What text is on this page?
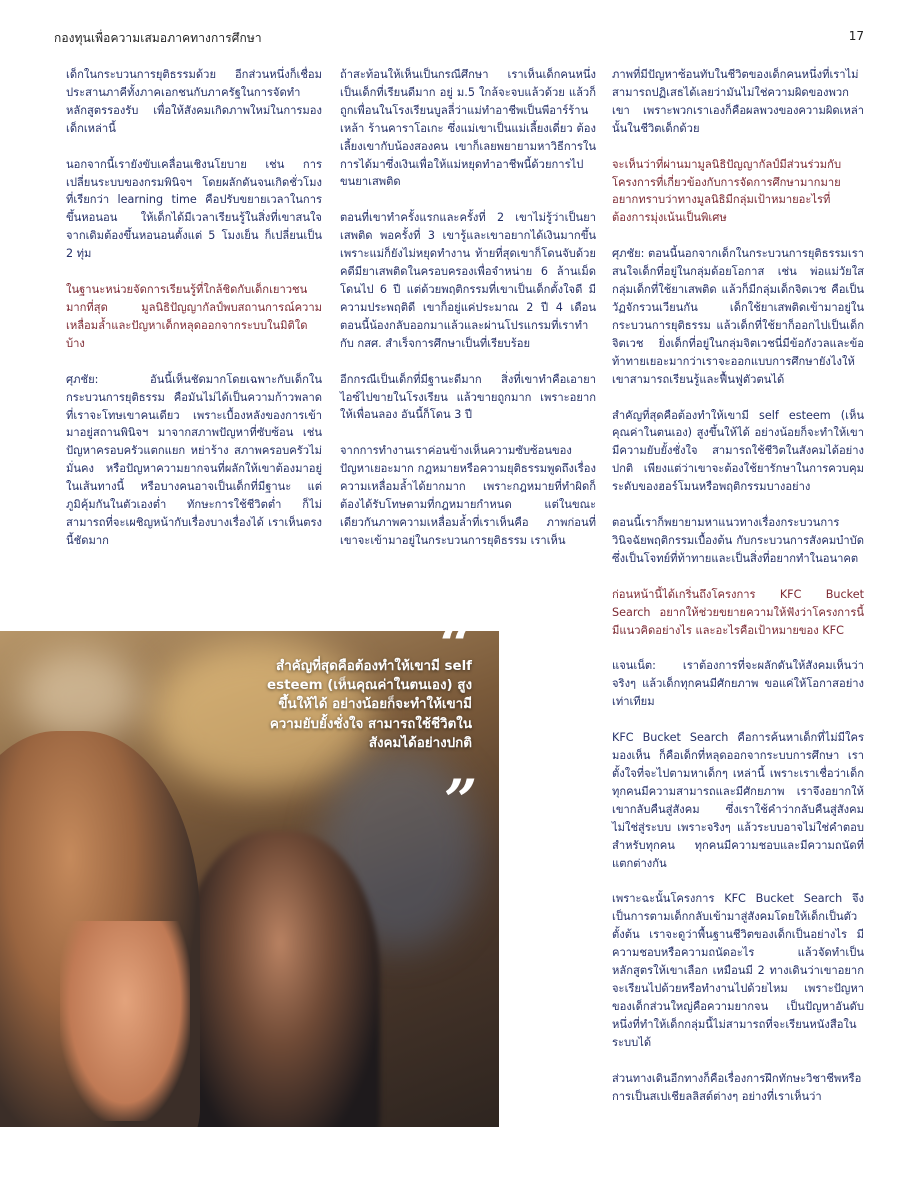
กองทุนเพื่อความเสมอภาคทางการศึกษา	17

เด็กในกระบวนการยุติธรรมด้วย อีกส่วนหนึ่งก็เชื่อมประสานภาคีทั้งภาคเอกชนกับภาครัฐในการจัดทำหลักสูตรรองรับ เพื่อให้สังคมเกิดภาพใหม่ในการมองเด็กเหล่านี้

นอกจากนี้เรายังขับเคลื่อนเชิงนโยบาย เช่น การเปลี่ยนระบบของกรมพินิจฯ โดยผลักดันจนเกิดชั่วโมงที่เรียกว่า learning time คือปรับขยายเวลาในการขึ้นหอนอน ให้เด็กได้มีเวลาเรียนรู้ในสิ่งที่เขาสนใจ จากเดิมต้องขึ้นหอนอนตั้งแต่ 5 โมงเย็น ก็เปลี่ยนเป็น 2 ทุ่ม

ในฐานะหน่วยจัดการเรียนรู้ที่ใกล้ชิดกับเด็กเยาวชนมากที่สุด มูลนิธิปัญญากัลป์พบสถานการณ์ความเหลื่อมล้ำและปัญหาเด็กหลุดออกจากระบบในมิติใดบ้าง

ศุภชัย: อันนี้เห็นชัดมากโดยเฉพาะกับเด็กในกระบวนการยุติธรรม คือมันไม่ได้เป็นความก้าวพลาดที่เราจะโทษเขาคนเดียว เพราะเบื้องหลังของการเข้ามาอยู่สถานพินิจฯ มาจากสภาพปัญหาที่ซับซ้อน เช่น ปัญหาครอบครัวแตกแยก หย่าร้าง สภาพครอบครัวไม่มั่นคง หรือปัญหาความยากจนที่ผลักให้เขาต้องมาอยู่ในเส้นทางนี้ หรือบางคนอาจเป็นเด็กที่มีฐานะ แต่ภูมิคุ้มกันในตัวเองต่ำ ทักษะการใช้ชีวิตต่ำ ก็ไม่สามารถที่จะเผชิญหน้ากับเรื่องบางเรื่องได้ เราเห็นตรงนี้ชัดมาก

ถ้าสะท้อนให้เห็นเป็นกรณีศึกษา เราเห็นเด็กคนหนึ่งเป็นเด็กที่เรียนดีมาก อยู่ ม.5 ใกล้จะจบแล้วด้วย แล้วก็ถูกเพื่อนในโรงเรียนบูลลี่ว่าแม่ทำอาชีพเป็นพีอาร์ร้านเหล้า ร้านคาราโอเกะ ซึ่งแม่เขาเป็นแม่เลี้ยงเดี่ยว ต้องเลี้ยงเขากับน้องสองคน เขาก็เลยพยายามหาวิธีการในการได้มาซึ่งเงินเพื่อให้แม่หยุดทำอาชีพนี้ด้วยการไปขนยาเสพติด

ตอนที่เขาทำครั้งแรกและครั้งที่ 2 เขาไม่รู้ว่าเป็นยาเสพติด พอครั้งที่ 3 เขารู้และเขาอยากได้เงินมากขึ้นเพราะแม่ก็ยังไม่หยุดทำงาน ท้ายที่สุดเขาก็โดนจับด้วยคดีมียาเสพติดในครอบครองเพื่อจำหน่าย 6 ล้านเม็ด โดนไป 6 ปี แต่ด้วยพฤติกรรมที่เขาเป็นเด็กตั้งใจดี มีความประพฤติดี เขาก็อยู่แค่ประมาณ 2 ปี 4 เดือน ตอนนี้น้องกลับออกมาแล้วและผ่านโปรแกรมที่เราทำกับ กสศ. สำเร็จการศึกษาเป็นที่เรียบร้อย

อีกกรณีเป็นเด็กที่มีฐานะดีมาก สิ่งที่เขาทำคือเอายาไอซ์ไปขายในโรงเรียน แล้วขายถูกมาก เพราะอยากให้เพื่อนลอง อันนี้ก็โดน 3 ปี

จากการทำงานเราค่อนข้างเห็นความซับซ้อนของปัญหาเยอะมาก กฎหมายหรือความยุติธรรมพูดถึงเรื่องความเหลื่อมล้ำได้ยากมาก เพราะกฎหมายที่ทำผิดก็ต้องได้รับโทษตามที่กฎหมายกำหนด แต่ในขณะเดียวกันภาพความเหลื่อมล้ำที่เราเห็นคือ ภาพก่อนที่เขาจะเข้ามาอยู่ในกระบวนการยุติธรรม เราเห็น

ภาพที่มีปัญหาซ้อนทับในชีวิตของเด็กคนหนึ่งที่เราไม่สามารถปฏิเสธได้เลยว่ามันไม่ใช่ความผิดของพวกเขา เพราะพวกเราเองก็คือผลพวงของความผิดเหล่านั้นในชีวิตเด็กด้วย

จะเห็นว่าที่ผ่านมามูลนิธิปัญญากัลป์มีส่วนร่วมกับโครงการที่เกี่ยวข้องกับการจัดการศึกษามากมาย อยากทราบว่าทางมูลนิธิมีกลุ่มเป้าหมายอะไรที่ต้องการมุ่งเน้นเป็นพิเศษ

ศุภชัย: ตอนนี้นอกจากเด็กในกระบวนการยุติธรรมเราสนใจเด็กที่อยู่ในกลุ่มด้อยโอกาส เช่น พ่อแม่วัยใส กลุ่มเด็กที่ใช้ยาเสพติด แล้วก็มีกลุ่มเด็กจิตเวช คือเป็นวัฏจักรวนเวียนกัน เด็กใช้ยาเสพติดเข้ามาอยู่ในกระบวนการยุติธรรม แล้วเด็กที่ใช้ยาก็ออกไปเป็นเด็กจิตเวช ยิ่งเด็กที่อยู่ในกลุ่มจิตเวชนี่มีข้อกังวลและข้อท้าทายเยอะมากว่าเราจะออกแบบการศึกษายังไงให้เขาสามารถเรียนรู้และฟื้นฟูตัวตนได้

สำคัญที่สุดคือต้องทำให้เขามี self esteem (เห็นคุณค่าในตนเอง) สูงขึ้นให้ได้ อย่างน้อยก็จะทำให้เขามีความยับยั้งชั่งใจ สามารถใช้ชีวิตในสังคมได้อย่างปกติ เพียงแต่ว่าเขาจะต้องใช้ยารักษาในการควบคุมระดับของฮอร์โมนหรือพฤติกรรมบางอย่าง

ตอนนี้เราก็พยายามหาแนวทางเรื่องกระบวนการวินิจฉัยพฤติกรรมเบื้องต้น กับกระบวนการสังคมบำบัด ซึ่งเป็นโจทย์ที่ท้าทายและเป็นสิ่งที่อยากทำในอนาคต

ก่อนหน้านี้ได้เกริ่นถึงโครงการ KFC Bucket Search อยากให้ช่วยขยายความให้ฟังว่าโครงการนี้มีแนวคิดอย่างไร และอะไรคือเป้าหมายของ KFC

แจนเน็ต: เราต้องการที่จะผลักดันให้สังคมเห็นว่าจริงๆ แล้วเด็กทุกคนมีศักยภาพ ขอแค่ให้โอกาสอย่างเท่าเทียม

KFC Bucket Search คือการค้นหาเด็กที่ไม่มีใครมองเห็น ก็คือเด็กที่หลุดออกจากระบบการศึกษา เราตั้งใจที่จะไปตามหาเด็กๆ เหล่านี้ เพราะเราเชื่อว่าเด็กทุกคนมีความสามารถและมีศักยภาพ เราจึงอยากให้เขากลับคืนสู่สังคม ซึ่งเราใช้คำว่ากลับคืนสู่สังคมไม่ใช่สู่ระบบ เพราะจริงๆ แล้วระบบอาจไม่ใช่คำตอบสำหรับทุกคน ทุกคนมีความชอบและมีความถนัดที่แตกต่างกัน

เพราะฉะนั้นโครงการ KFC Bucket Search จึงเป็นการตามเด็กกลับเข้ามาสู่สังคมโดยให้เด็กเป็นตัวตั้งต้น เราจะดูว่าพื้นฐานชีวิตของเด็กเป็นอย่างไร มีความชอบหรือความถนัดอะไร แล้วจัดทำเป็นหลักสูตรให้เขาเลือก เหมือนมี 2 ทางเดินว่าเขาอยากจะเรียนไปด้วยหรือทำงานไปด้วยไหม เพราะปัญหาของเด็กส่วนใหญ่คือความยากจน เป็นปัญหาอันดับหนึ่งที่ทำให้เด็กกลุ่มนี้ไม่สามารถที่จะเรียนหนังสือในระบบได้

ส่วนทางเดินอีกทางก็คือเรื่องการฝึกทักษะวิชาชีพหรือการเป็นสเปเชียลลิสต์ต่างๆ อย่างที่เราเห็นว่า

“
สำคัญที่สุดคือต้องทำให้เขามี self esteem (เห็นคุณค่าในตนเอง) สูงขึ้นให้ได้ อย่างน้อยก็จะทำให้เขามีความยับยั้งชั่งใจ สามารถใช้ชีวิตในสังคมได้อย่างปกติ
”
